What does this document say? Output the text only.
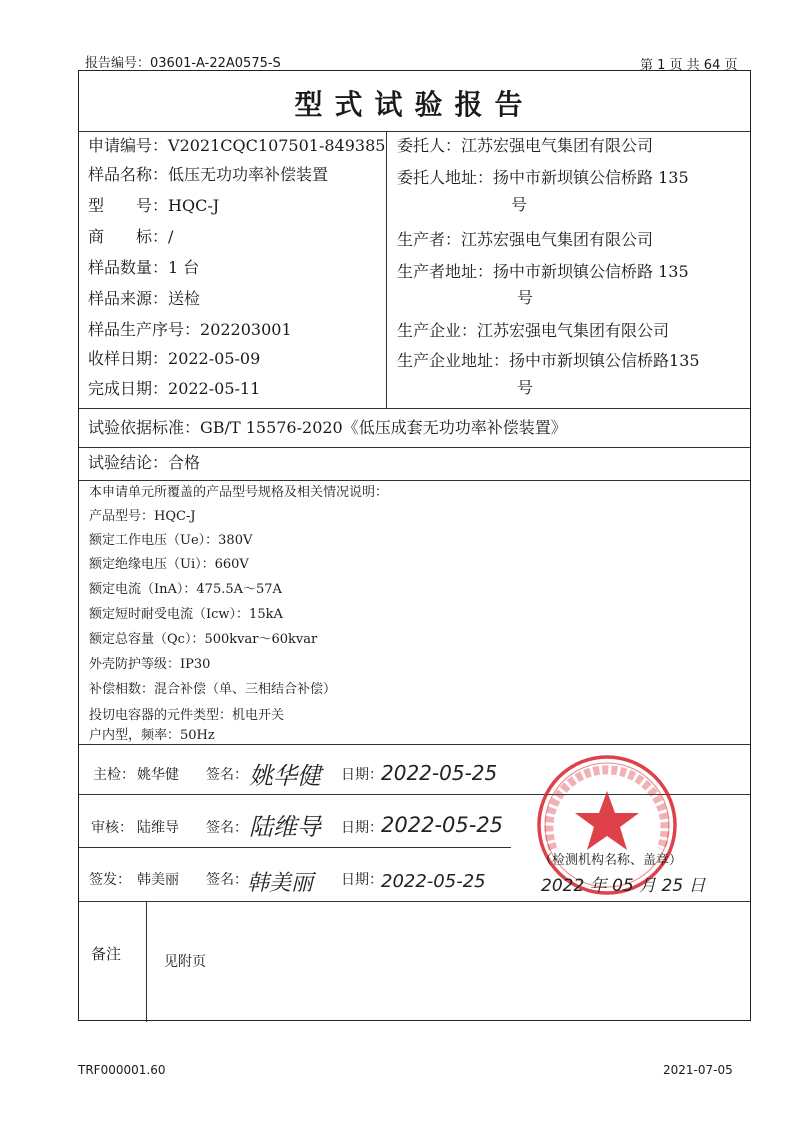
报告编号：03601-A-22A0575-S	第 1 页 共 64 页
型式试验报告
申请编号：V2021CQC107501-849385
样品名称：低压无功功率补偿装置
型　　号：HQC-J
商　　标：/
样品数量：1 台
样品来源：送检
样品生产序号：202203001
收样日期：2022-05-09
完成日期：2022-05-11
委托人：江苏宏强电气集团有限公司
委托人地址：扬中市新坝镇公信桥路 135
号
生产者：江苏宏强电气集团有限公司
生产者地址：扬中市新坝镇公信桥路 135
号
生产企业：江苏宏强电气集团有限公司
生产企业地址：扬中市新坝镇公信桥路135
号
试验依据标准：GB/T 15576-2020《低压成套无功功率补偿装置》
试验结论：合格
本申请单元所覆盖的产品型号规格及相关情况说明：
产品型号：HQC-J
额定工作电压（Ue）：380V
额定绝缘电压（Ui）：660V
额定电流（InA）：475.5A～57A
额定短时耐受电流（Icw）：15kA
额定总容量（Qc）：500kvar～60kvar
外壳防护等级：IP30
补偿相数：混合补偿（单、三相结合补偿）
投切电容器的元件类型：机电开关
户内型，频率：50Hz
主检： 姚华健 签名： 姚华健 日期：
2022-05-25
审核： 陆维导 签名： 陆维导 日期：
2022-05-25
签发： 韩美丽 签名： 韩美丽 日期：
2022-05-25
（检测机构名称、盖章）
2022 年 05 月 25 日
备注	见附页
TRF000001.60	2021-07-05
